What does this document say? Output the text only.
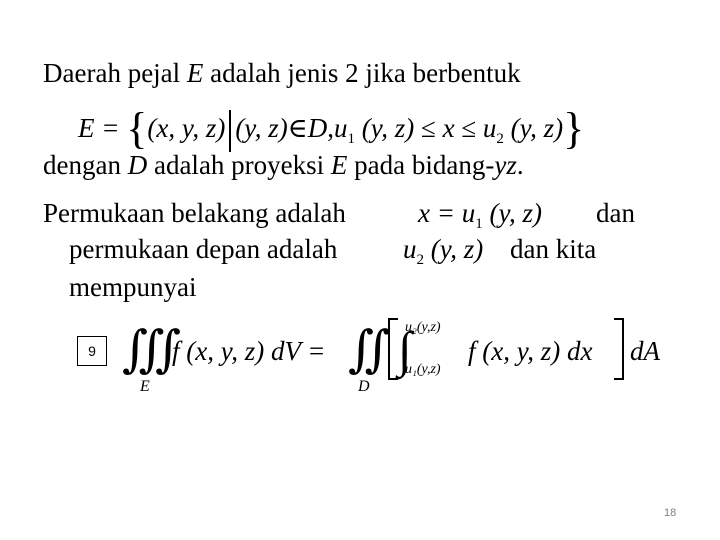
Daerah pejal E adalah jenis 2 jika berbentuk
E = {(x, y, z) (y, $z)\in D,u_1$ (y, $z) \le x \le u_2$ (y, z)}
dengan D adalah proyeksi E pada bidang-yz.
Permukaan belakang adalah	$x = u_1$ (y, z) dan
permukaan depan adalah $u_2$ (y, z) dan kita
mempunyai
9 ∭
E
f (x, y, z) dV = ∬
D
∫
u₂(y,z)
u₁(y,z)
f (x, y, z) dx dA
18
